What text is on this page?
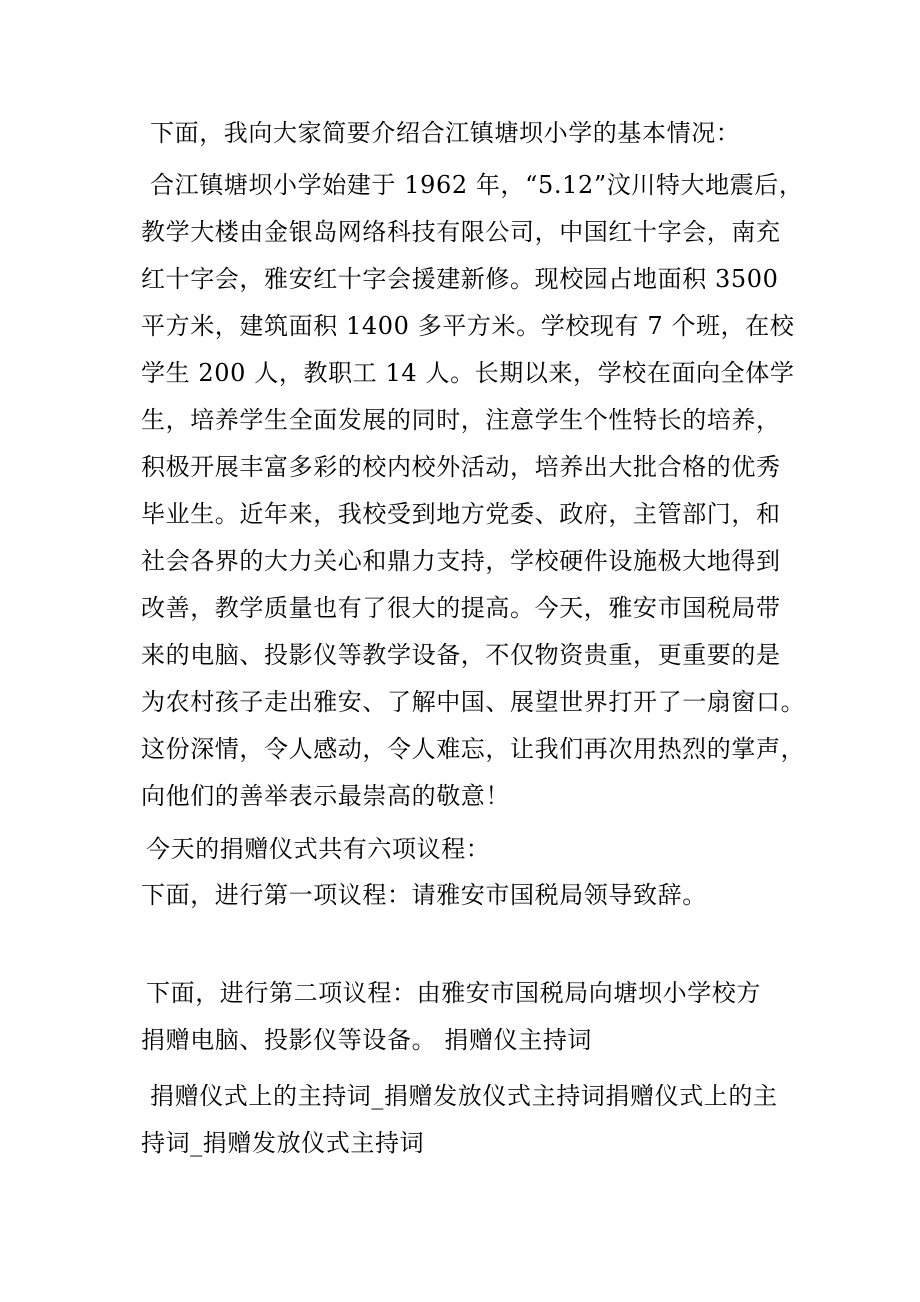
下面，我向大家简要介绍合江镇塘坝小学的基本情况：
合江镇塘坝小学始建于 1962 年，“5.12”汶川特大地震后，
教学大楼由金银岛网络科技有限公司，中国红十字会，南充
红十字会，雅安红十字会援建新修。现校园占地面积 3500
平方米，建筑面积 1400 多平方米。学校现有 7 个班，在校
学生 200 人，教职工 14 人。长期以来，学校在面向全体学
生，培养学生全面发展的同时，注意学生个性特长的培养，
积极开展丰富多彩的校内校外活动，培养出大批合格的优秀
毕业生。近年来，我校受到地方党委、政府，主管部门，和
社会各界的大力关心和鼎力支持，学校硬件设施极大地得到
改善，教学质量也有了很大的提高。今天，雅安市国税局带
来的电脑、投影仪等教学设备，不仅物资贵重，更重要的是
为农村孩子走出雅安、了解中国、展望世界打开了一扇窗口。
这份深情，令人感动，令人难忘，让我们再次用热烈的掌声，
向他们的善举表示最崇高的敬意！
今天的捐赠仪式共有六项议程：
下面，进行第一项议程：请雅安市国税局领导致辞。
下面，进行第二项议程：由雅安市国税局向塘坝小学校方
捐赠电脑、投影仪等设备。 捐赠仪主持词
捐赠仪式上的主持词_捐赠发放仪式主持词捐赠仪式上的主
持词_捐赠发放仪式主持词
